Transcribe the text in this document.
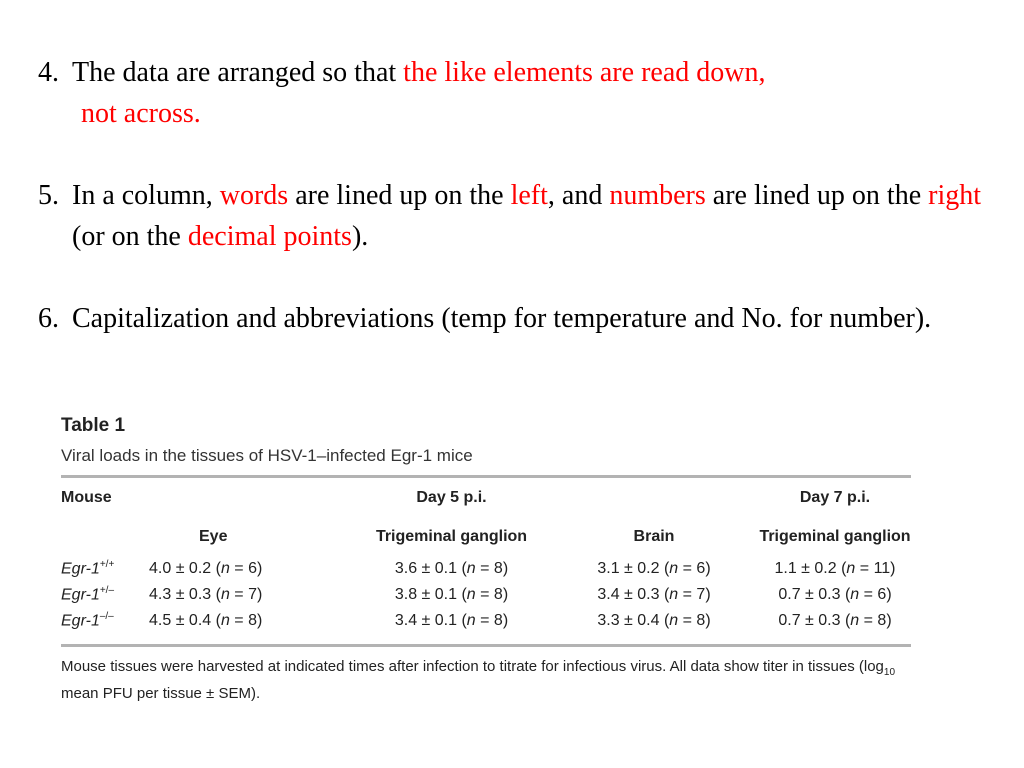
4. The data are arranged so that the like elements are read down,
not across.
5. In a column, words are lined up on the left, and numbers are lined up on the right (or on the decimal points).
6. Capitalization and abbreviations (temp for temperature and No. for number).
Table 1
Viral loads in the tissues of HSV-1–infected Egr-1 mice
Mouse		Day 5 p.i.		Day 7 p.i.
	Eye	Trigeminal ganglion	Brain	Trigeminal ganglion
Egr-1+/+	4.0 ± 0.2 (n = 6)	3.6 ± 0.1 (n = 8)	3.1 ± 0.2 (n = 6)	1.1 ± 0.2 (n = 11)
Egr-1+/–	4.3 ± 0.3 (n = 7)	3.8 ± 0.1 (n = 8)	3.4 ± 0.3 (n = 7)	0.7 ± 0.3 (n = 6)
Egr-1–/–	4.5 ± 0.4 (n = 8)	3.4 ± 0.1 (n = 8)	3.3 ± 0.4 (n = 8)	0.7 ± 0.3 (n = 8)

Mouse tissues were harvested at indicated times after infection to titrate for infectious virus. All data show titer in tissues ($\log_{10}$ mean PFU per tissue ± SEM).
